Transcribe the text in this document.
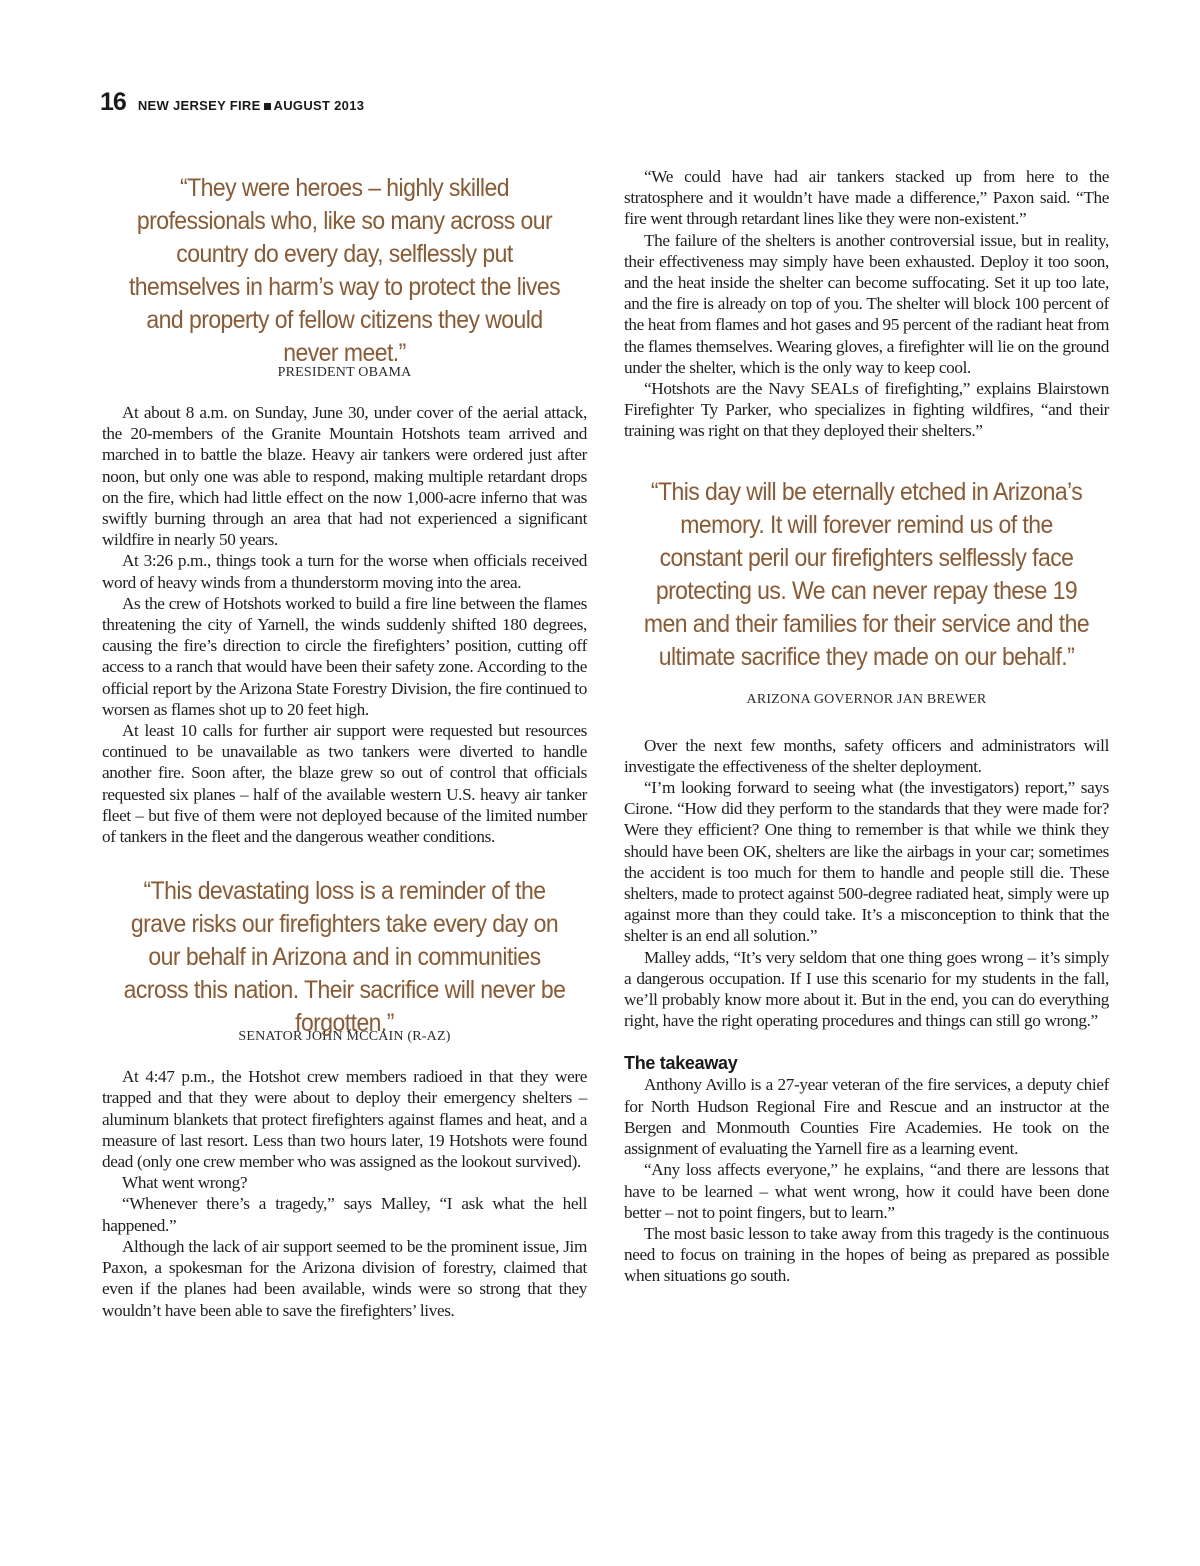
16 NEW JERSEY FIRE AUGUST 2013
“They were heroes – highly skilled professionals who, like so many across our country do every day, selflessly put themselves in harm’s way to protect the lives and property of fellow citizens they would never meet.”
PRESIDENT OBAMA

At about 8 a.m. on Sunday, June 30, under cover of the aerial attack, the 20-members of the Granite Mountain Hotshots team arrived and marched in to battle the blaze. Heavy air tankers were ordered just after noon, but only one was able to respond, making multiple retardant drops on the fire, which had little effect on the now 1,000-acre inferno that was swiftly burning through an area that had not experienced a significant wildfire in nearly 50 years.

At 3:26 p.m., things took a turn for the worse when officials received word of heavy winds from a thunderstorm moving into the area.

As the crew of Hotshots worked to build a fire line between the flames threatening the city of Yarnell, the winds suddenly shifted 180 degrees, causing the fire’s direction to circle the firefighters’ position, cutting off access to a ranch that would have been their safety zone. According to the official report by the Arizona State Forestry Division, the fire continued to worsen as flames shot up to 20 feet high.

At least 10 calls for further air support were requested but resources continued to be unavailable as two tankers were diverted to handle another fire. Soon after, the blaze grew so out of control that officials requested six planes – half of the available western U.S. heavy air tanker fleet – but five of them were not deployed because of the limited number of tankers in the fleet and the dangerous weather conditions.

“This devastating loss is a reminder of the grave risks our firefighters take every day on our behalf in Arizona and in communities across this nation. Their sacrifice will never be forgotten.”
SENATOR JOHN MCCAIN (R-AZ)

At 4:47 p.m., the Hotshot crew members radioed in that they were trapped and that they were about to deploy their emergency shelters – aluminum blankets that protect firefighters against flames and heat, and a measure of last resort. Less than two hours later, 19 Hotshots were found dead (only one crew member who was assigned as the lookout survived).

What went wrong?

“Whenever there’s a tragedy,” says Malley, “I ask what the hell happened.”

Although the lack of air support seemed to be the prominent issue, Jim Paxon, a spokesman for the Arizona division of forestry, claimed that even if the planes had been available, winds were so strong that they wouldn’t have been able to save the firefighters’ lives.

“We could have had air tankers stacked up from here to the stratosphere and it wouldn’t have made a difference,” Paxon said. “The fire went through retardant lines like they were non-existent.”

The failure of the shelters is another controversial issue, but in reality, their effectiveness may simply have been exhausted. Deploy it too soon, and the heat inside the shelter can become suffocating. Set it up too late, and the fire is already on top of you. The shelter will block 100 percent of the heat from flames and hot gases and 95 percent of the radiant heat from the flames themselves. Wearing gloves, a firefighter will lie on the ground under the shelter, which is the only way to keep cool.

“Hotshots are the Navy SEALs of firefighting,” explains Blairstown Firefighter Ty Parker, who specializes in fighting wildfires, “and their training was right on that they deployed their shelters.”

“This day will be eternally etched in Arizona’s memory. It will forever remind us of the constant peril our firefighters selflessly face protecting us. We can never repay these 19 men and their families for their service and the ultimate sacrifice they made on our behalf.”
ARIZONA GOVERNOR JAN BREWER

Over the next few months, safety officers and administrators will investigate the effectiveness of the shelter deployment.

“I’m looking forward to seeing what (the investigators) report,” says Cirone. “How did they perform to the standards that they were made for? Were they efficient? One thing to remember is that while we think they should have been OK, shelters are like the airbags in your car; sometimes the accident is too much for them to handle and people still die. These shelters, made to protect against 500-degree radiated heat, simply were up against more than they could take. It’s a misconception to think that the shelter is an end all solution.”

Malley adds, “It’s very seldom that one thing goes wrong – it’s simply a dangerous occupation. If I use this scenario for my students in the fall, we’ll probably know more about it. But in the end, you can do everything right, have the right operating procedures and things can still go wrong.”

The takeaway

Anthony Avillo is a 27-year veteran of the fire services, a deputy chief for North Hudson Regional Fire and Rescue and an instructor at the Bergen and Monmouth Counties Fire Academies. He took on the assignment of evaluating the Yarnell fire as a learning event.

“Any loss affects everyone,” he explains, “and there are lessons that have to be learned – what went wrong, how it could have been done better – not to point fingers, but to learn.”

The most basic lesson to take away from this tragedy is the continuous need to focus on training in the hopes of being as prepared as possible when situations go south.
